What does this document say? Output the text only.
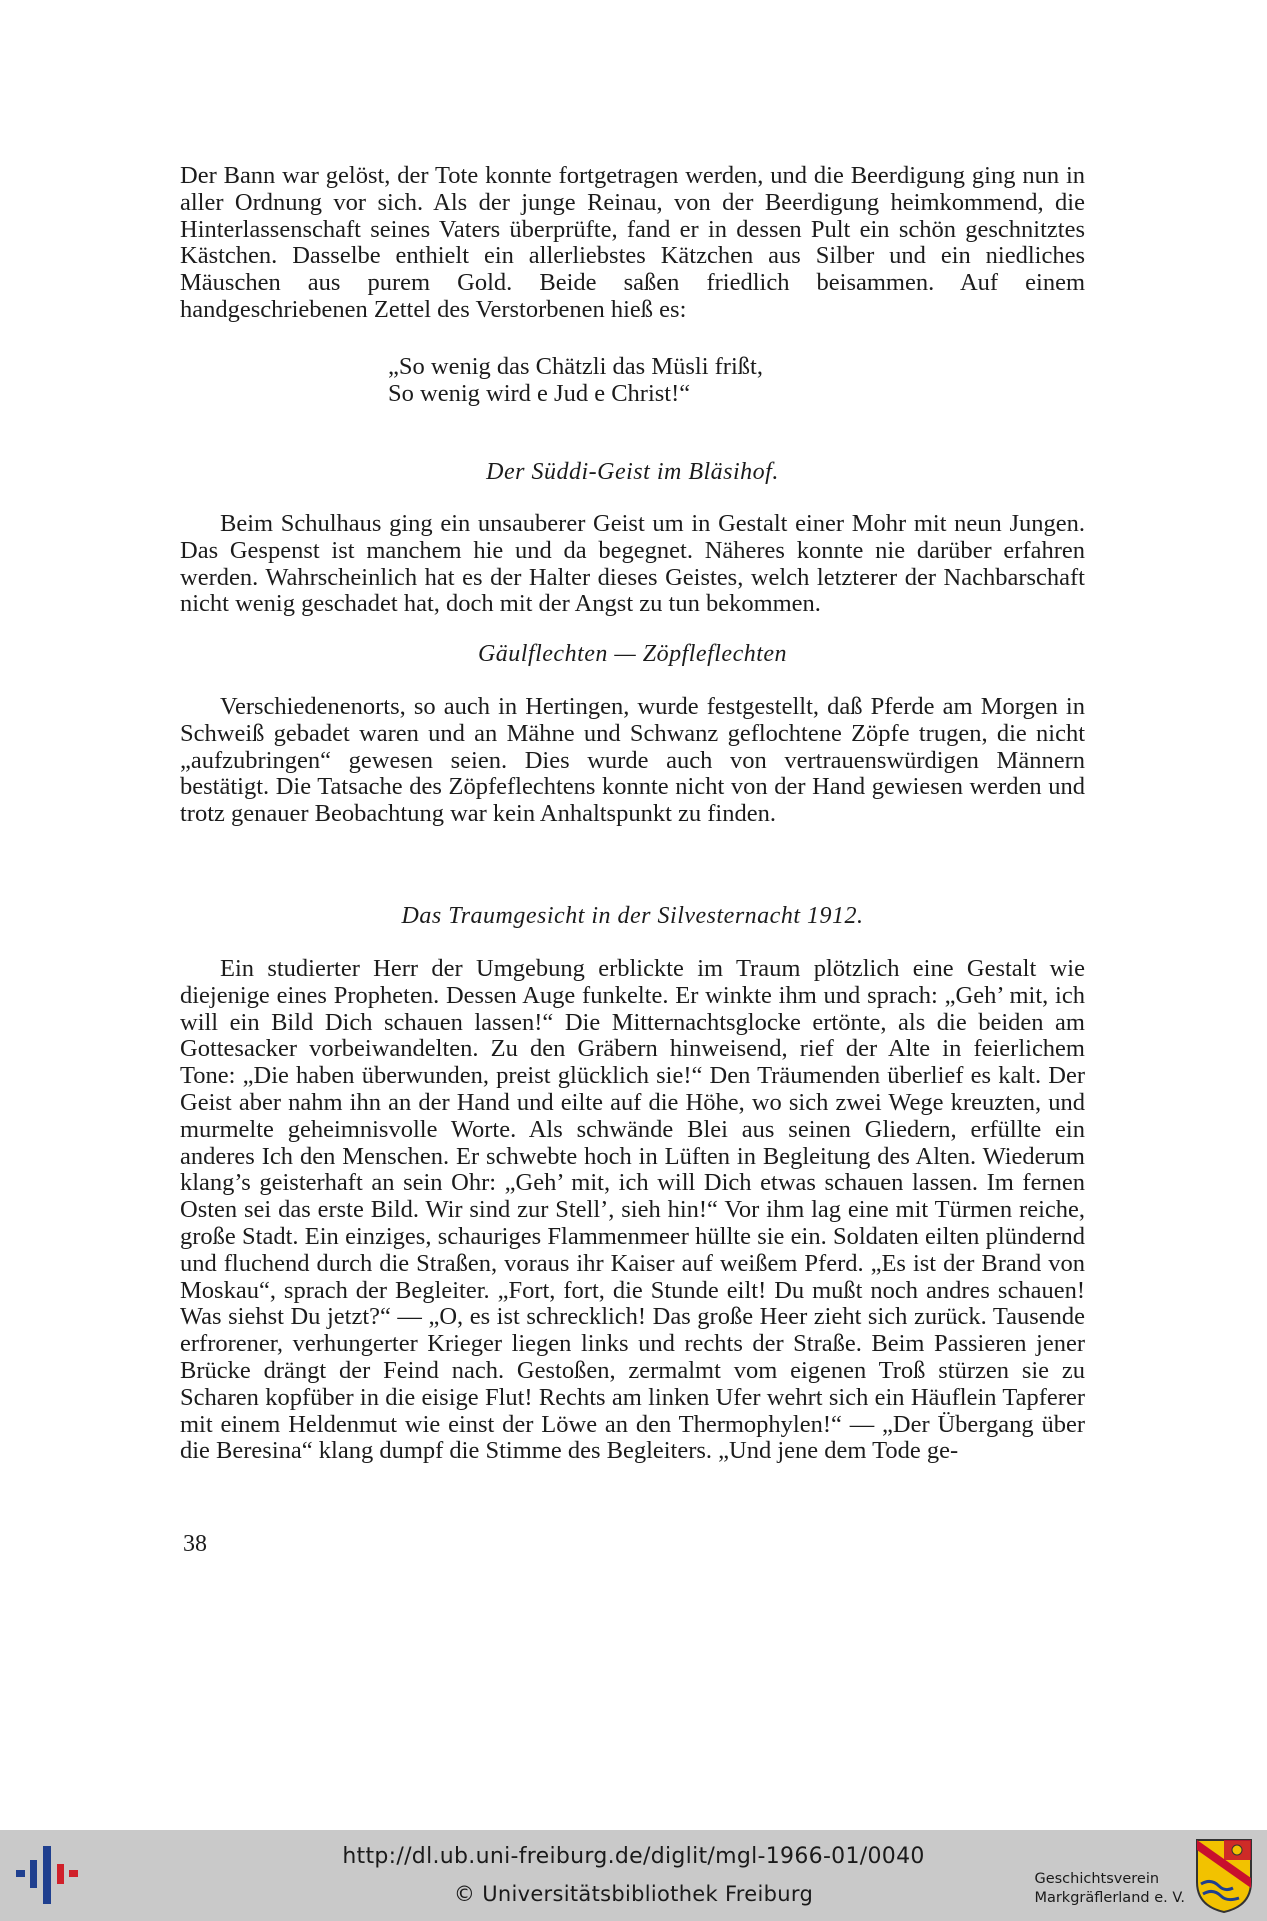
Der Bann war gelöst, der Tote konnte fortgetragen werden, und die Beerdigung ging nun in aller Ordnung vor sich. Als der junge Reinau, von der Beerdigung heimkommend, die Hinterlassenschaft seines Vaters überprüfte, fand er in dessen Pult ein schön geschnitztes Kästchen. Dasselbe enthielt ein allerliebstes Kätzchen aus Silber und ein niedliches Mäuschen aus purem Gold. Beide saßen friedlich beisammen. Auf einem handgeschriebenen Zettel des Verstorbenen hieß es:

„So wenig das Chätzli das Müsli frißt,
So wenig wird e Jud e Christ!“
Der Süddi-Geist im Bläsihof.

Beim Schulhaus ging ein unsauberer Geist um in Gestalt einer Mohr mit neun Jungen. Das Gespenst ist manchem hie und da begegnet. Näheres konnte nie darüber erfahren werden. Wahrscheinlich hat es der Halter dieses Geistes, welch letzterer der Nachbarschaft nicht wenig geschadet hat, doch mit der Angst zu tun bekommen.

Gäulflechten — Zöpfleflechten

Verschiedenenorts, so auch in Hertingen, wurde festgestellt, daß Pferde am Morgen in Schweiß gebadet waren und an Mähne und Schwanz geflochtene Zöpfe trugen, die nicht „aufzubringen“ gewesen seien. Dies wurde auch von vertrauenswürdigen Männern bestätigt. Die Tatsache des Zöpfeflechtens konnte nicht von der Hand gewiesen werden und trotz genauer Beobachtung war kein Anhaltspunkt zu finden.

Das Traumgesicht in der Silvesternacht 1912.

Ein studierter Herr der Umgebung erblickte im Traum plötzlich eine Gestalt wie diejenige eines Propheten. Dessen Auge funkelte. Er winkte ihm und sprach: „Geh’ mit, ich will ein Bild Dich schauen lassen!“ Die Mitternachtsglocke ertönte, als die beiden am Gottesacker vorbeiwandelten. Zu den Gräbern hinweisend, rief der Alte in feierlichem Tone: „Die haben überwunden, preist glücklich sie!“ Den Träumenden überlief es kalt. Der Geist aber nahm ihn an der Hand und eilte auf die Höhe, wo sich zwei Wege kreuzten, und murmelte geheimnisvolle Worte. Als schwände Blei aus seinen Gliedern, erfüllte ein anderes Ich den Menschen. Er schwebte hoch in Lüften in Begleitung des Alten. Wiederum klang’s geisterhaft an sein Ohr: „Geh’ mit, ich will Dich etwas schauen lassen. Im fernen Osten sei das erste Bild. Wir sind zur Stell’, sieh hin!“ Vor ihm lag eine mit Türmen reiche, große Stadt. Ein einziges, schauriges Flammenmeer hüllte sie ein. Soldaten eilten plündernd und fluchend durch die Straßen, voraus ihr Kaiser auf weißem Pferd. „Es ist der Brand von Moskau“, sprach der Begleiter. „Fort, fort, die Stunde eilt! Du mußt noch andres schauen! Was siehst Du jetzt?“ — „O, es ist schrecklich! Das große Heer zieht sich zurück. Tausende erfrorener, verhungerter Krieger liegen links und rechts der Straße. Beim Passieren jener Brücke drängt der Feind nach. Gestoßen, zermalmt vom eigenen Troß stürzen sie zu Scharen kopfüber in die eisige Flut! Rechts am linken Ufer wehrt sich ein Häuflein Tapferer mit einem Heldenmut wie einst der Löwe an den Thermophylen!“ — „Der Übergang über die Beresina“ klang dumpf die Stimme des Begleiters. „Und jene dem Tode ge-

38
http://dl.ub.uni-freiburg.de/diglit/mgl-1966-01/0040
© Universitätsbibliothek Freiburg
Geschichtsverein
Markgräflerland e. V.
